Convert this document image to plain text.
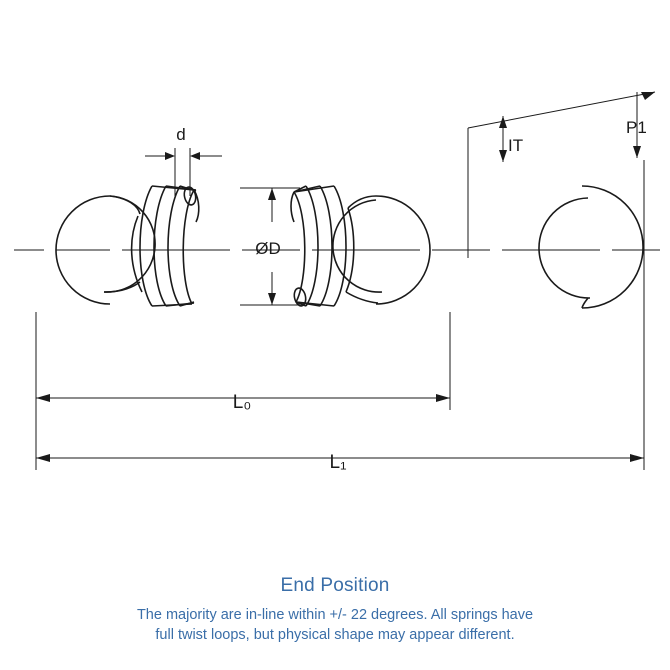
d
ØD
IT
P1
L₀
L₁
End Position
The majority are in-line within +/- 22 degrees. All springs have
full twist loops, but physical shape may appear different.
